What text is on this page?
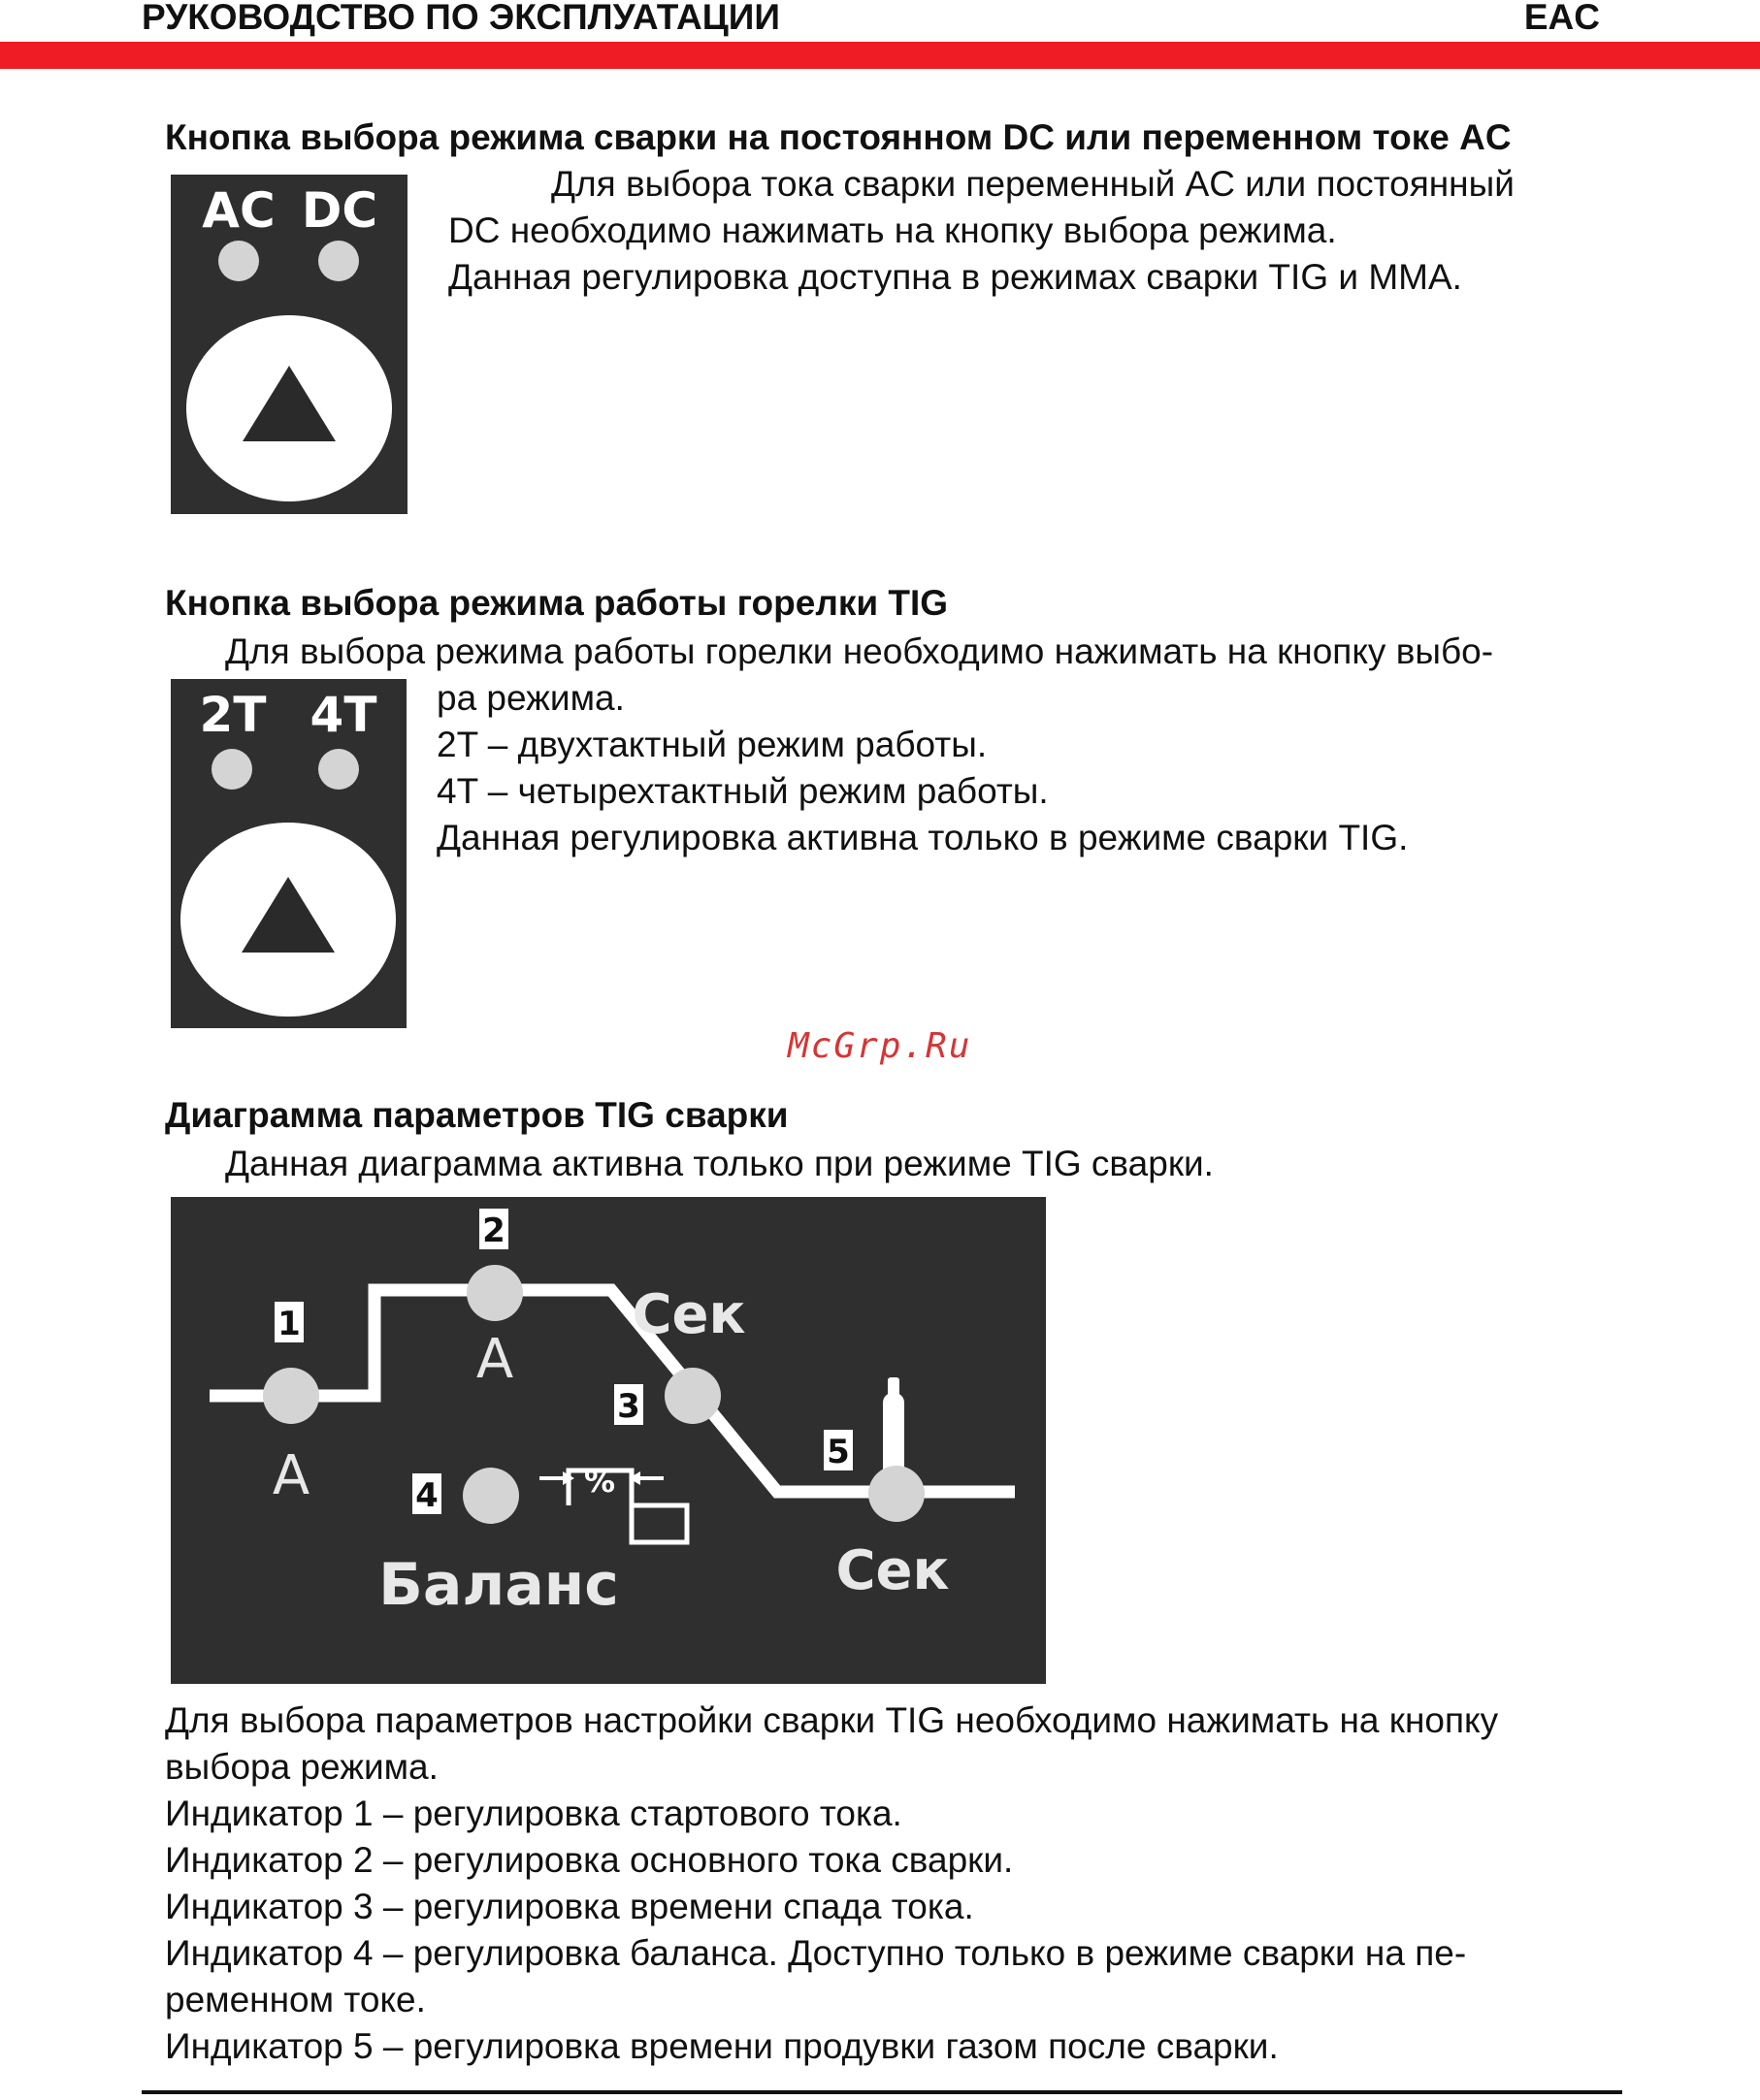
РУКОВОДСТВО ПО ЭКСПЛУАТАЦИИ	EAC
Кнопка выбора режима сварки на постоянном DC или переменном токе AC
AC DC	Для выбора тока сварки переменный AC или постоянный
DC необходимо нажимать на кнопку выбора режима.
Данная регулировка доступна в режимах сварки TIG и MMA.
Кнопка выбора режима работы горелки TIG
Для выбора режима работы горелки необходимо нажимать на кнопку выбо-
2T 4T	ра режима.
2T – двухтактный режим работы.
4T – четырехтактный режим работы.
Данная регулировка активна только в режиме сварки TIG.
McGrp.Ru
Диаграмма параметров TIG сварки
Данная диаграмма активна только при режиме TIG сварки.
1
2
3
4
5
A
A
Сек
Сек
Баланс
%
Для выбора параметров настройки сварки TIG необходимо нажимать на кнопку
выбора режима.
Индикатор 1 – регулировка стартового тока.
Индикатор 2 – регулировка основного тока сварки.
Индикатор 3 – регулировка времени спада тока.
Индикатор 4 – регулировка баланса. Доступно только в режиме сварки на пе-
ременном токе.
Индикатор 5 – регулировка времени продувки газом после сварки.
